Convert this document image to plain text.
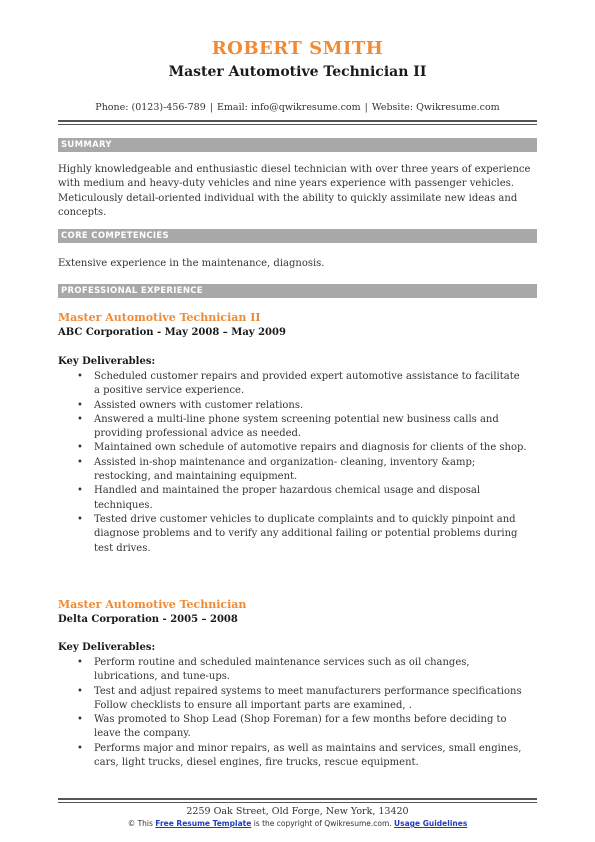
ROBERT SMITH
Master Automotive Technician II
Phone: (0123)-456-789 | Email: info@qwikresume.com | Website: Qwikresume.com
SUMMARY
Highly knowledgeable and enthusiastic diesel technician with over three years of experience with medium and heavy-duty vehicles and nine years experience with passenger vehicles. Meticulously detail-oriented individual with the ability to quickly assimilate new ideas and concepts.
CORE COMPETENCIES
Extensive experience in the maintenance, diagnosis.
PROFESSIONAL EXPERIENCE
Master Automotive Technician II
ABC Corporation - May 2008 – May 2009
Key Deliverables:
• Scheduled customer repairs and provided expert automotive assistance to facilitate a positive service experience.
• Assisted owners with customer relations.
• Answered a multi-line phone system screening potential new business calls and providing professional advice as needed.
• Maintained own schedule of automotive repairs and diagnosis for clients of the shop.
• Assisted in-shop maintenance and organization- cleaning, inventory &amp; restocking, and maintaining equipment.
• Handled and maintained the proper hazardous chemical usage and disposal techniques.
• Tested drive customer vehicles to duplicate complaints and to quickly pinpoint and diagnose problems and to verify any additional failing or potential problems during test drives.
Master Automotive Technician
Delta Corporation - 2005 – 2008
Key Deliverables:
• Perform routine and scheduled maintenance services such as oil changes, lubrications, and tune-ups.
• Test and adjust repaired systems to meet manufacturers performance specifications Follow checklists to ensure all important parts are examined, .
• Was promoted to Shop Lead (Shop Foreman) for a few months before deciding to leave the company.
• Performs major and minor repairs, as well as maintains and services, small engines, cars, light trucks, diesel engines, fire trucks, rescue equipment.
2259 Oak Street, Old Forge, New York, 13420
© This Free Resume Template is the copyright of Qwikresume.com. Usage Guidelines
